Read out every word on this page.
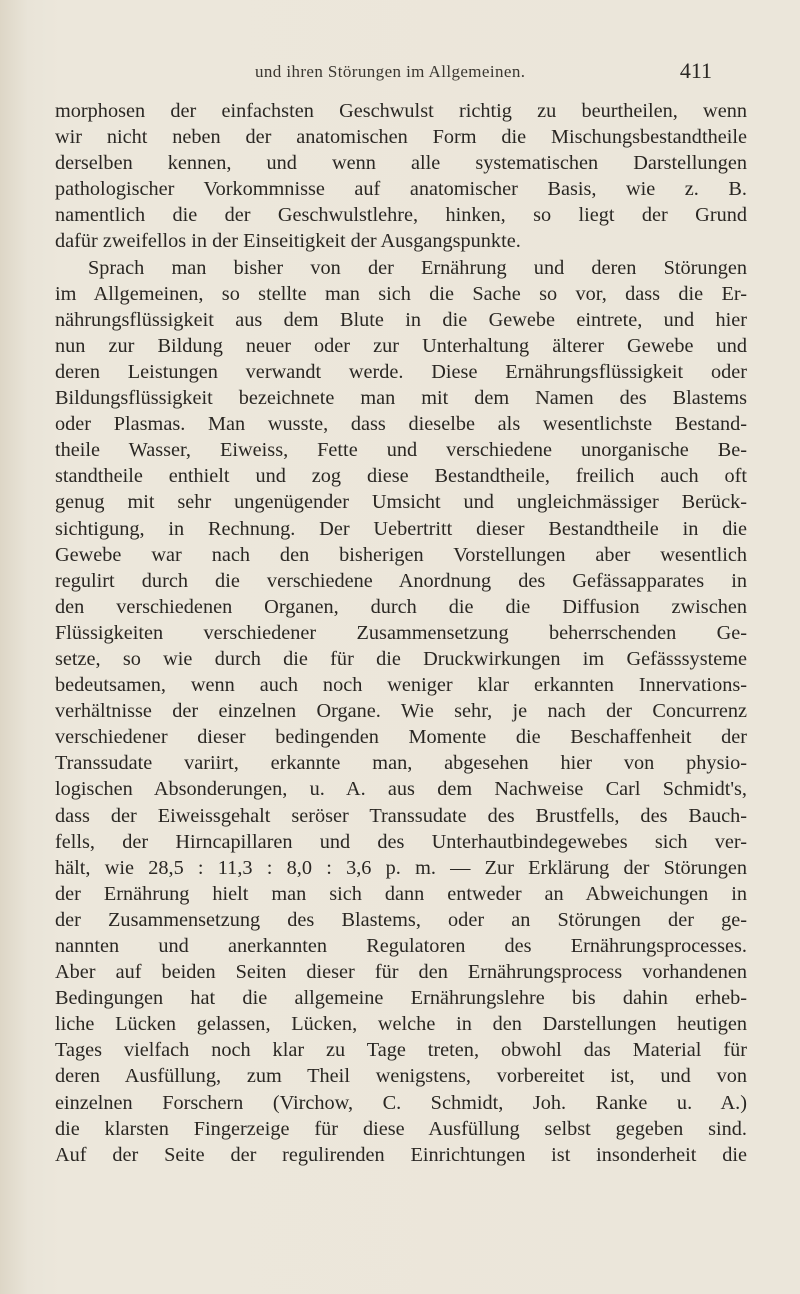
und ihren Störungen im Allgemeinen.	411
morphosen der einfachsten Geschwulst richtig zu beurtheilen, wenn
wir nicht neben der anatomischen Form die Mischungsbestandtheile
derselben kennen, und wenn alle systematischen Darstellungen
pathologischer Vorkommnisse auf anatomischer Basis, wie z. B.
namentlich die der Geschwulstlehre, hinken, so liegt der Grund
dafür zweifellos in der Einseitigkeit der Ausgangspunkte.
Sprach man bisher von der Ernährung und deren Störungen
im Allgemeinen, so stellte man sich die Sache so vor, dass die Er-
nährungsflüssigkeit aus dem Blute in die Gewebe eintrete, und hier
nun zur Bildung neuer oder zur Unterhaltung älterer Gewebe und
deren Leistungen verwandt werde. Diese Ernährungsflüssigkeit oder
Bildungsflüssigkeit bezeichnete man mit dem Namen des Blastems
oder Plasmas. Man wusste, dass dieselbe als wesentlichste Bestand-
theile Wasser, Eiweiss, Fette und verschiedene unorganische Be-
standtheile enthielt und zog diese Bestandtheile, freilich auch oft
genug mit sehr ungenügender Umsicht und ungleichmässiger Berück-
sichtigung, in Rechnung. Der Uebertritt dieser Bestandtheile in die
Gewebe war nach den bisherigen Vorstellungen aber wesentlich
regulirt durch die verschiedene Anordnung des Gefässapparates in
den verschiedenen Organen, durch die die Diffusion zwischen
Flüssigkeiten verschiedener Zusammensetzung beherrschenden Ge-
setze, so wie durch die für die Druckwirkungen im Gefässsysteme
bedeutsamen, wenn auch noch weniger klar erkannten Innervations-
verhältnisse der einzelnen Organe. Wie sehr, je nach der Concurrenz
verschiedener dieser bedingenden Momente die Beschaffenheit der
Transsudate variirt, erkannte man, abgesehen hier von physio-
logischen Absonderungen, u. A. aus dem Nachweise Carl Schmidt's,
dass der Eiweissgehalt seröser Transsudate des Brustfells, des Bauch-
fells, der Hirncapillaren und des Unterhautbindegewebes sich ver-
hält, wie 28,5 : 11,3 : 8,0 : 3,6 p. m. — Zur Erklärung der Störungen
der Ernährung hielt man sich dann entweder an Abweichungen in
der Zusammensetzung des Blastems, oder an Störungen der ge-
nannten und anerkannten Regulatoren des Ernährungsprocesses.
Aber auf beiden Seiten dieser für den Ernährungsprocess vorhandenen
Bedingungen hat die allgemeine Ernährungslehre bis dahin erheb-
liche Lücken gelassen, Lücken, welche in den Darstellungen heutigen
Tages vielfach noch klar zu Tage treten, obwohl das Material für
deren Ausfüllung, zum Theil wenigstens, vorbereitet ist, und von
einzelnen Forschern (Virchow, C. Schmidt, Joh. Ranke u. A.)
die klarsten Fingerzeige für diese Ausfüllung selbst gegeben sind.
Auf der Seite der regulirenden Einrichtungen ist insonderheit die
